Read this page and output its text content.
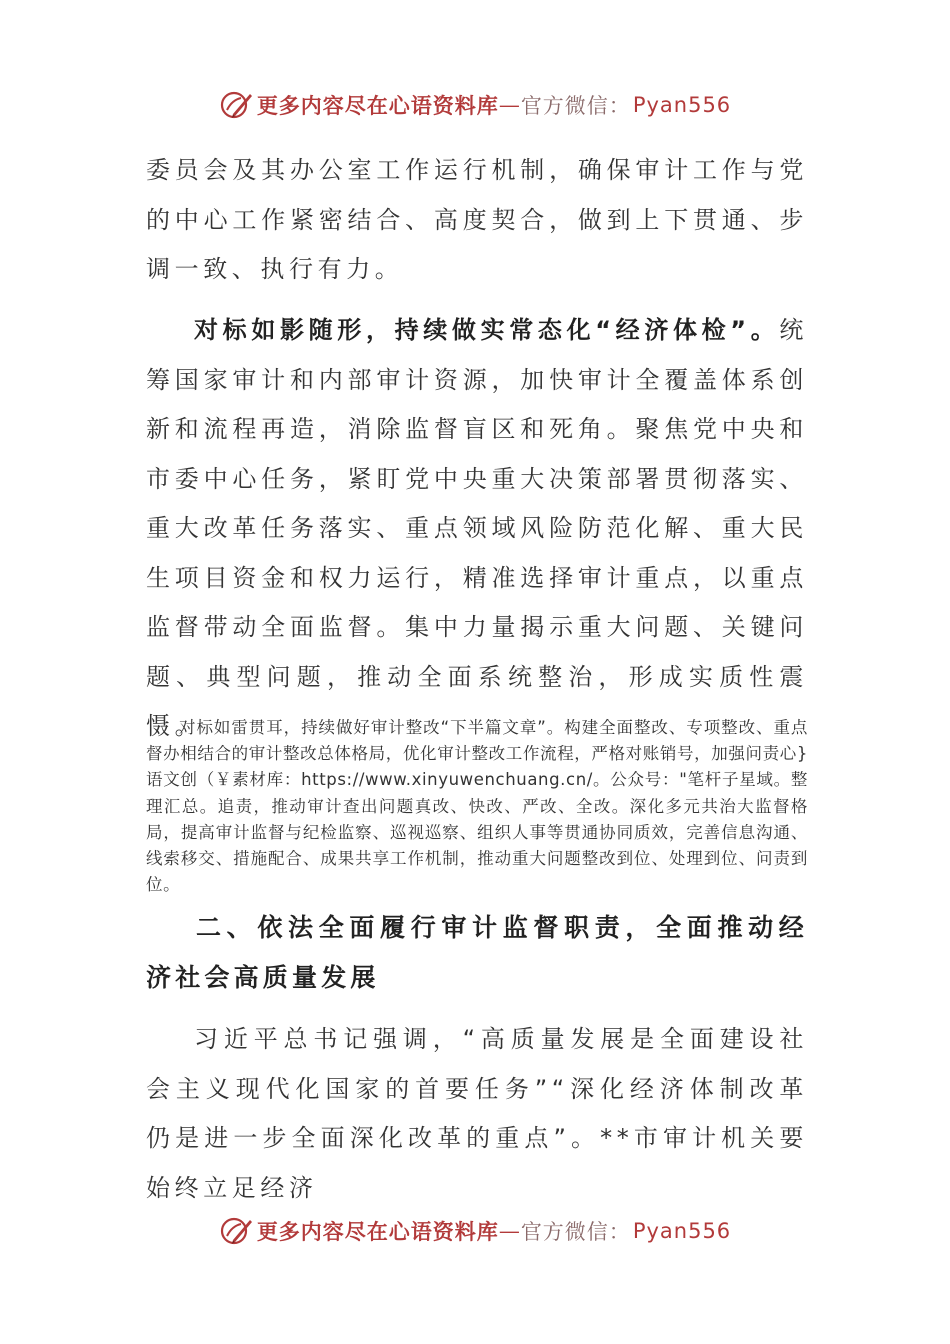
更多内容尽在心语资料库 — 官方微信： Pyan556

委员会及其办公室工作运行机制，确保审计工作与党的中心工作紧密结合、高度契合，做到上下贯通、步调一致、执行有力。

对标如影随形，持续做实常态化“经济体检”。统筹国家审计和内部审计资源，加快审计全覆盖体系创新和流程再造，消除监督盲区和死角。聚焦党中央和市委中心任务，紧盯党中央重大决策部署贯彻落实、重大改革任务落实、重点领域风险防范化解、重大民生项目资金和权力运行，精准选择审计重点，以重点监督带动全面监督。集中力量揭示重大问题、关键问题、典型问题，推动全面系统整治，形成实质性震慑。

对标如雷贯耳，持续做好审计整改“下半篇文章”。构建全面整改、专项整改、重点督办相结合的审计整改总体格局，优化审计整改工作流程，严格对账销号，加强问责心}语文创（￥素材库：https://www.xinyuwenchuang.cn/。公众号："笔杆子星域。整理汇总。追责，推动审计查出问题真改、快改、严改、全改。深化多元共治大监督格局，提高审计监督与纪检监察、巡视巡察、组织人事等贯通协同质效，完善信息沟通、线索移交、措施配合、成果共享工作机制，推动重大问题整改到位、处理到位、问责到位。

二、依法全面履行审计监督职责，全面推动经济社会高质量发展

习近平总书记强调，“高质量发展是全面建设社会主义现代化国家的首要任务”“深化经济体制改革仍是进一步全面深化改革的重点”。**市审计机关要始终立足经济

更多内容尽在心语资料库 — 官方微信： Pyan556
